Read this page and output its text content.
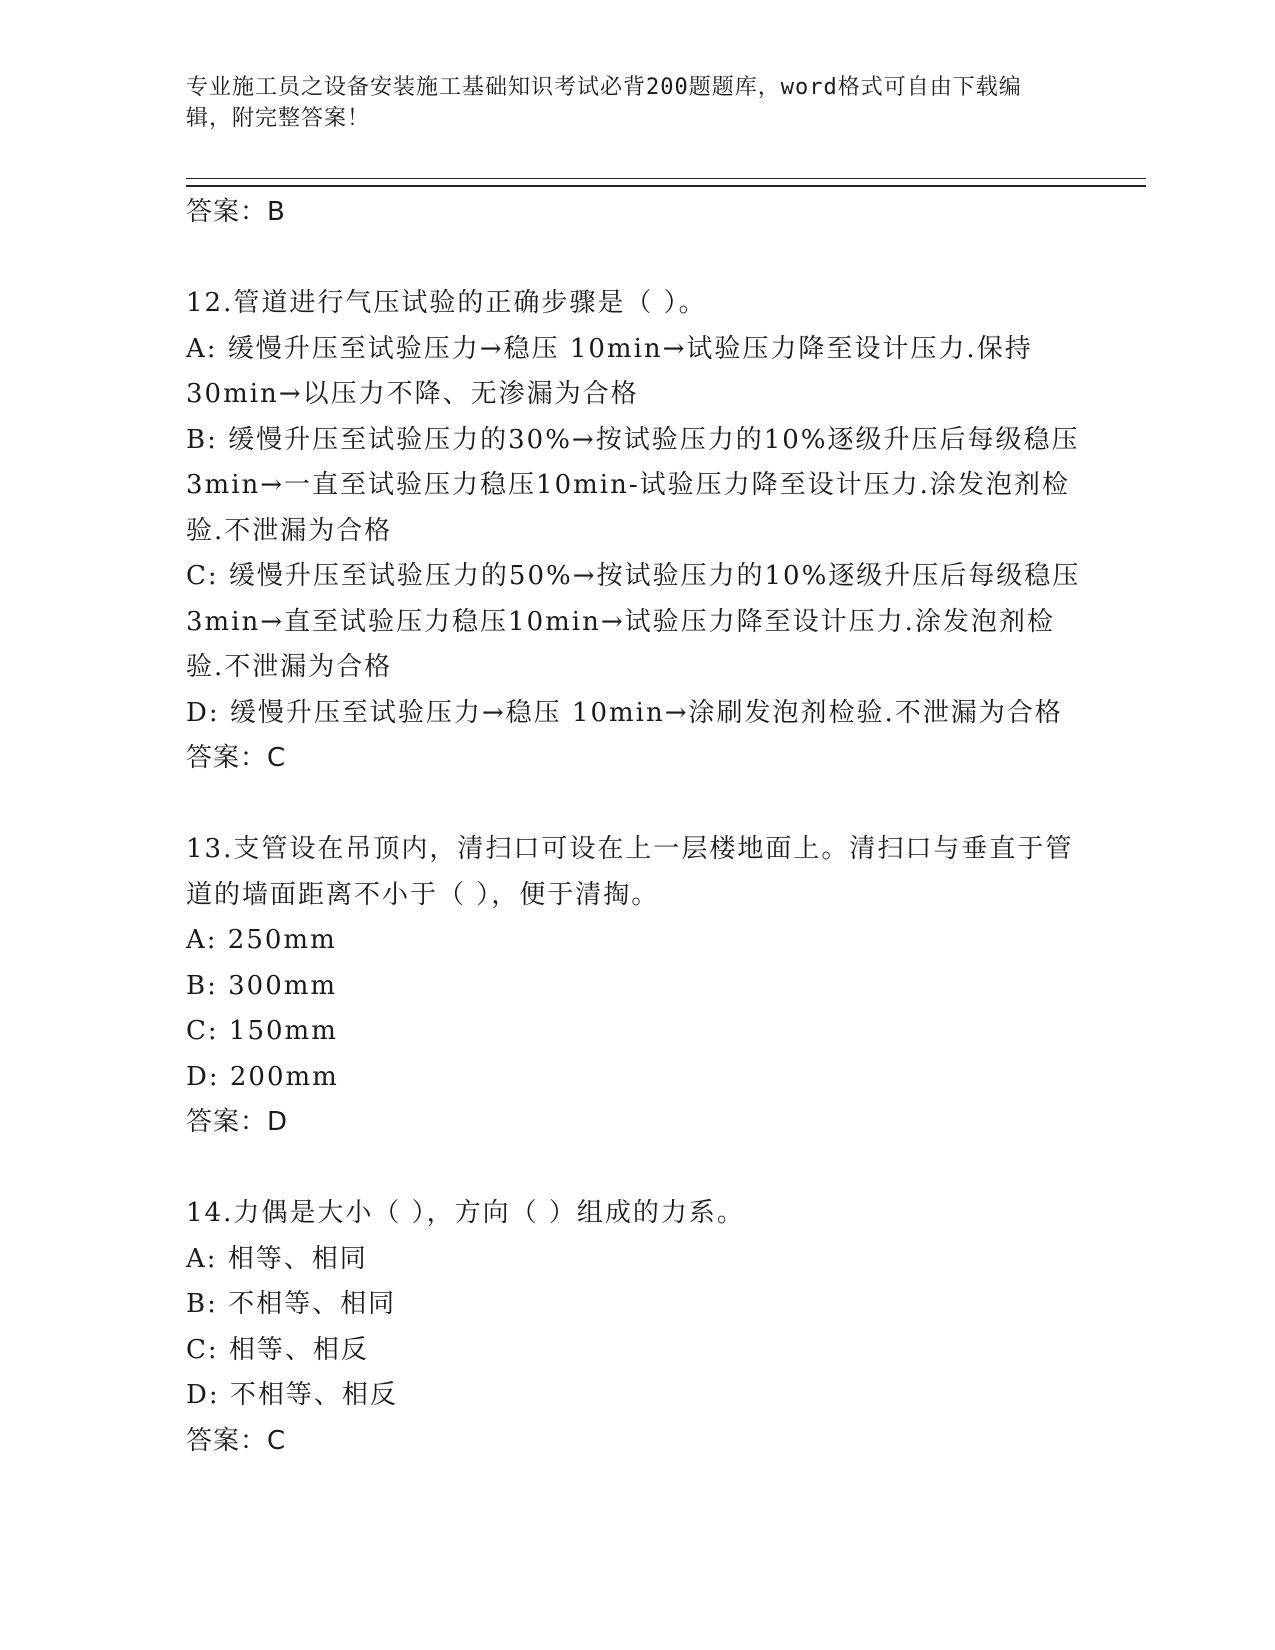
专业施工员之设备安装施工基础知识考试必背200题题库，word格式可自由下载编辑，附完整答案！
答案：B
12.管道进行气压试验的正确步骤是（ ）。
A: 缓慢升压至试验压力→稳压 10min→试验压力降至设计压力.保持30min→以压力不降、无渗漏为合格
B: 缓慢升压至试验压力的30%→按试验压力的10%逐级升压后每级稳压3min→一直至试验压力稳压10min-试验压力降至设计压力.涂发泡剂检验.不泄漏为合格
C: 缓慢升压至试验压力的50%→按试验压力的10%逐级升压后每级稳压3min→直至试验压力稳压10min→试验压力降至设计压力.涂发泡剂检验.不泄漏为合格
D: 缓慢升压至试验压力→稳压 10min→涂刷发泡剂检验.不泄漏为合格
答案：C
13.支管设在吊顶内，清扫口可设在上一层楼地面上。清扫口与垂直于管道的墙面距离不小于（ ），便于清掏。
A: 250mm
B: 300mm
C: 150mm
D: 200mm
答案：D
14.力偶是大小（ ），方向（ ）组成的力系。
A: 相等、相同
B: 不相等、相同
C: 相等、相反
D: 不相等、相反
答案：C
